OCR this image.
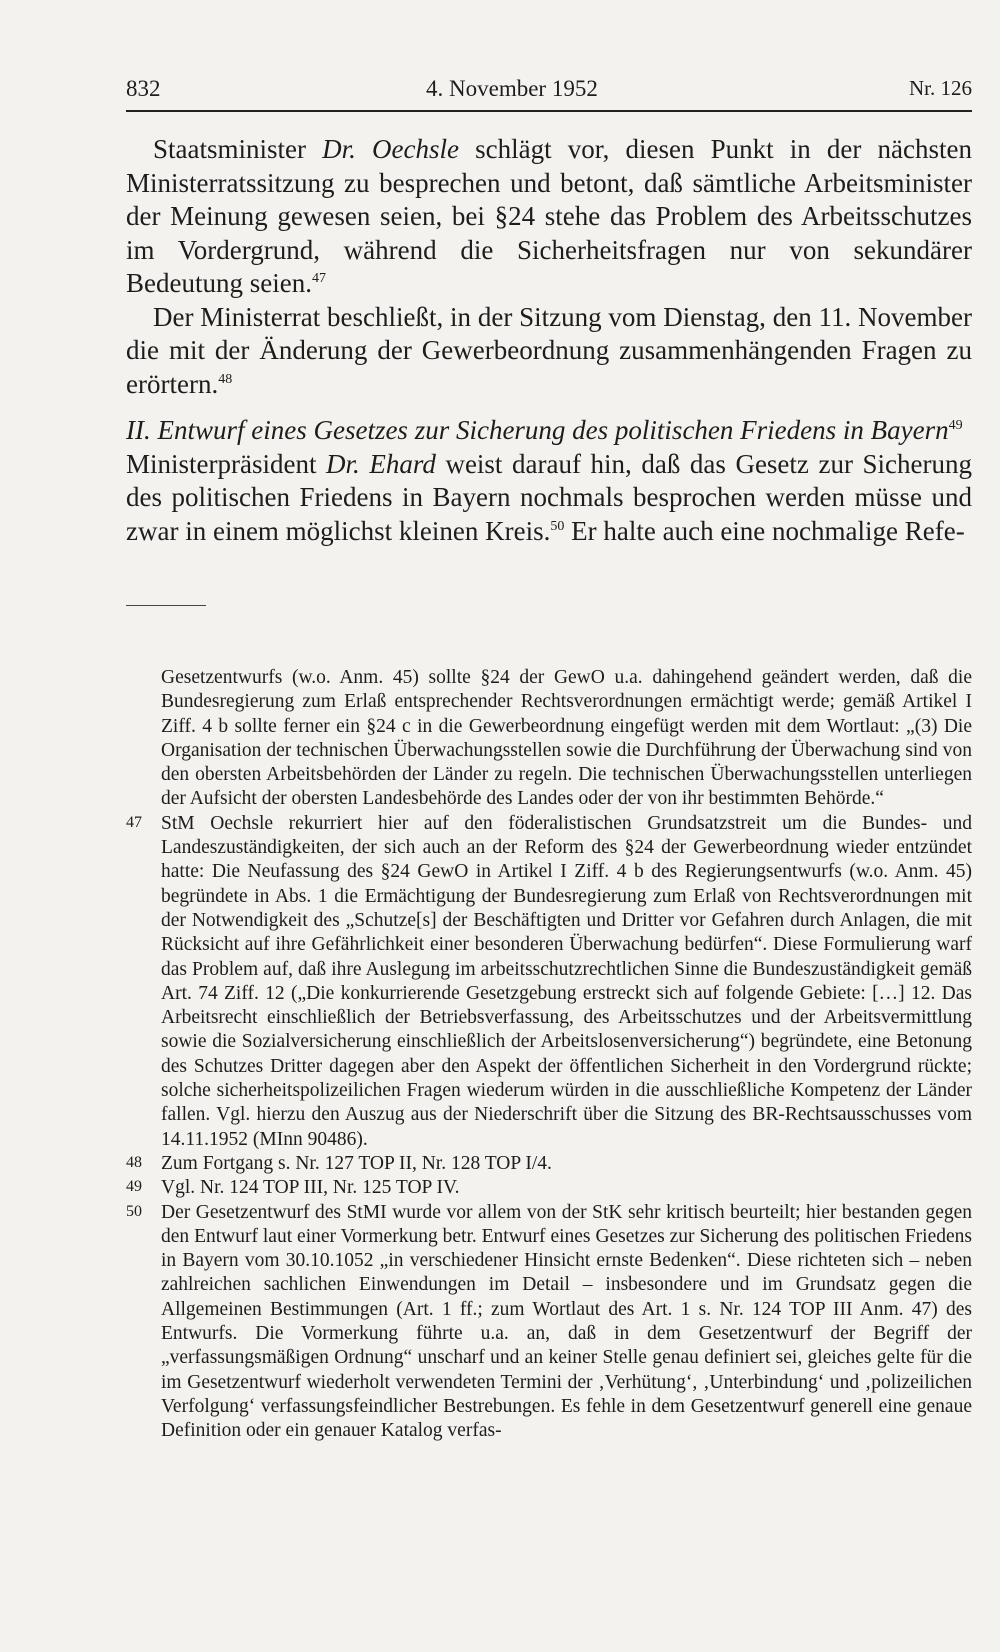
832	4. November 1952	Nr. 126

Staatsminister Dr. Oechsle schlägt vor, diesen Punkt in der nächsten Ministerratssitzung zu besprechen und betont, daß sämtliche Arbeitsminister der Meinung gewesen seien, bei §24 stehe das Problem des Arbeitsschutzes im Vordergrund, während die Sicherheitsfragen nur von sekundärer Bedeutung seien.$^{47}$

Der Ministerrat beschließt, in der Sitzung vom Dienstag, den 11. November die mit der Änderung der Gewerbeordnung zusammenhängenden Fragen zu erörtern.$^{48}$

II. Entwurf eines Gesetzes zur Sicherung des politischen Friedens in Bayern$^{49}$

Ministerpräsident Dr. Ehard weist darauf hin, daß das Gesetz zur Sicherung des politischen Friedens in Bayern nochmals besprochen werden müsse und zwar in einem möglichst kleinen Kreis.$^{50}$ Er halte auch eine nochmalige Refe-

Gesetzentwurfs (w.o. Anm. 45) sollte §24 der GewO u.a. dahingehend geändert werden, daß die Bundesregierung zum Erlaß entsprechender Rechtsverordnungen ermächtigt werde; gemäß Artikel I Ziff. 4 b sollte ferner ein §24 c in die Gewerbeordnung eingefügt werden mit dem Wortlaut: „(3) Die Organisation der technischen Überwachungsstellen sowie die Durchführung der Überwachung sind von den obersten Arbeitsbehörden der Länder zu regeln. Die technischen Überwachungsstellen unterliegen der Aufsicht der obersten Landesbehörde des Landes oder der von ihr bestimmten Behörde.“
47 StM Oechsle rekurriert hier auf den föderalistischen Grundsatzstreit um die Bundes- und Landeszuständigkeiten, der sich auch an der Reform des §24 der Gewerbeordnung wieder entzündet hatte: Die Neufassung des §24 GewO in Artikel I Ziff. 4 b des Regierungsentwurfs (w.o. Anm. 45) begründete in Abs. 1 die Ermächtigung der Bundesregierung zum Erlaß von Rechtsverordnungen mit der Notwendigkeit des „Schutze[s] der Beschäftigten und Dritter vor Gefahren durch Anlagen, die mit Rücksicht auf ihre Gefährlichkeit einer besonderen Überwachung bedürfen“. Diese Formulierung warf das Problem auf, daß ihre Auslegung im arbeitsschutzrechtlichen Sinne die Bundeszuständigkeit gemäß Art. 74 Ziff. 12 („Die konkurrierende Gesetzgebung erstreckt sich auf folgende Gebiete: […] 12. Das Arbeitsrecht einschließlich der Betriebsverfassung, des Arbeitsschutzes und der Arbeitsvermittlung sowie die Sozialversicherung einschließlich der Arbeitslosenversicherung“) begründete, eine Betonung des Schutzes Dritter dagegen aber den Aspekt der öffentlichen Sicherheit in den Vordergrund rückte; solche sicherheitspolizeilichen Fragen wiederum würden in die ausschließliche Kompetenz der Länder fallen. Vgl. hierzu den Auszug aus der Niederschrift über die Sitzung des BR-Rechtsausschusses vom 14.11.1952 (MInn 90486).
48 Zum Fortgang s. Nr. 127 TOP II, Nr. 128 TOP I/4.
49 Vgl. Nr. 124 TOP III, Nr. 125 TOP IV.
50 Der Gesetzentwurf des StMI wurde vor allem von der StK sehr kritisch beurteilt; hier bestanden gegen den Entwurf laut einer Vormerkung betr. Entwurf eines Gesetzes zur Sicherung des politischen Friedens in Bayern vom 30.10.1052 „in verschiedener Hinsicht ernste Bedenken“. Diese richteten sich – neben zahlreichen sachlichen Einwendungen im Detail – insbesondere und im Grundsatz gegen die Allgemeinen Bestimmungen (Art. 1 ff.; zum Wortlaut des Art. 1 s. Nr. 124 TOP III Anm. 47) des Entwurfs. Die Vormerkung führte u.a. an, daß in dem Gesetzentwurf der Begriff der „verfassungsmäßigen Ordnung“ unscharf und an keiner Stelle genau definiert sei, gleiches gelte für die im Gesetzentwurf wiederholt verwendeten Termini der ‚Verhütung‘, ‚Unterbindung‘ und ‚polizeilichen Verfolgung‘ verfassungsfeindlicher Bestrebungen. Es fehle in dem Gesetzentwurf generell eine genaue Definition oder ein genauer Katalog verfas-
